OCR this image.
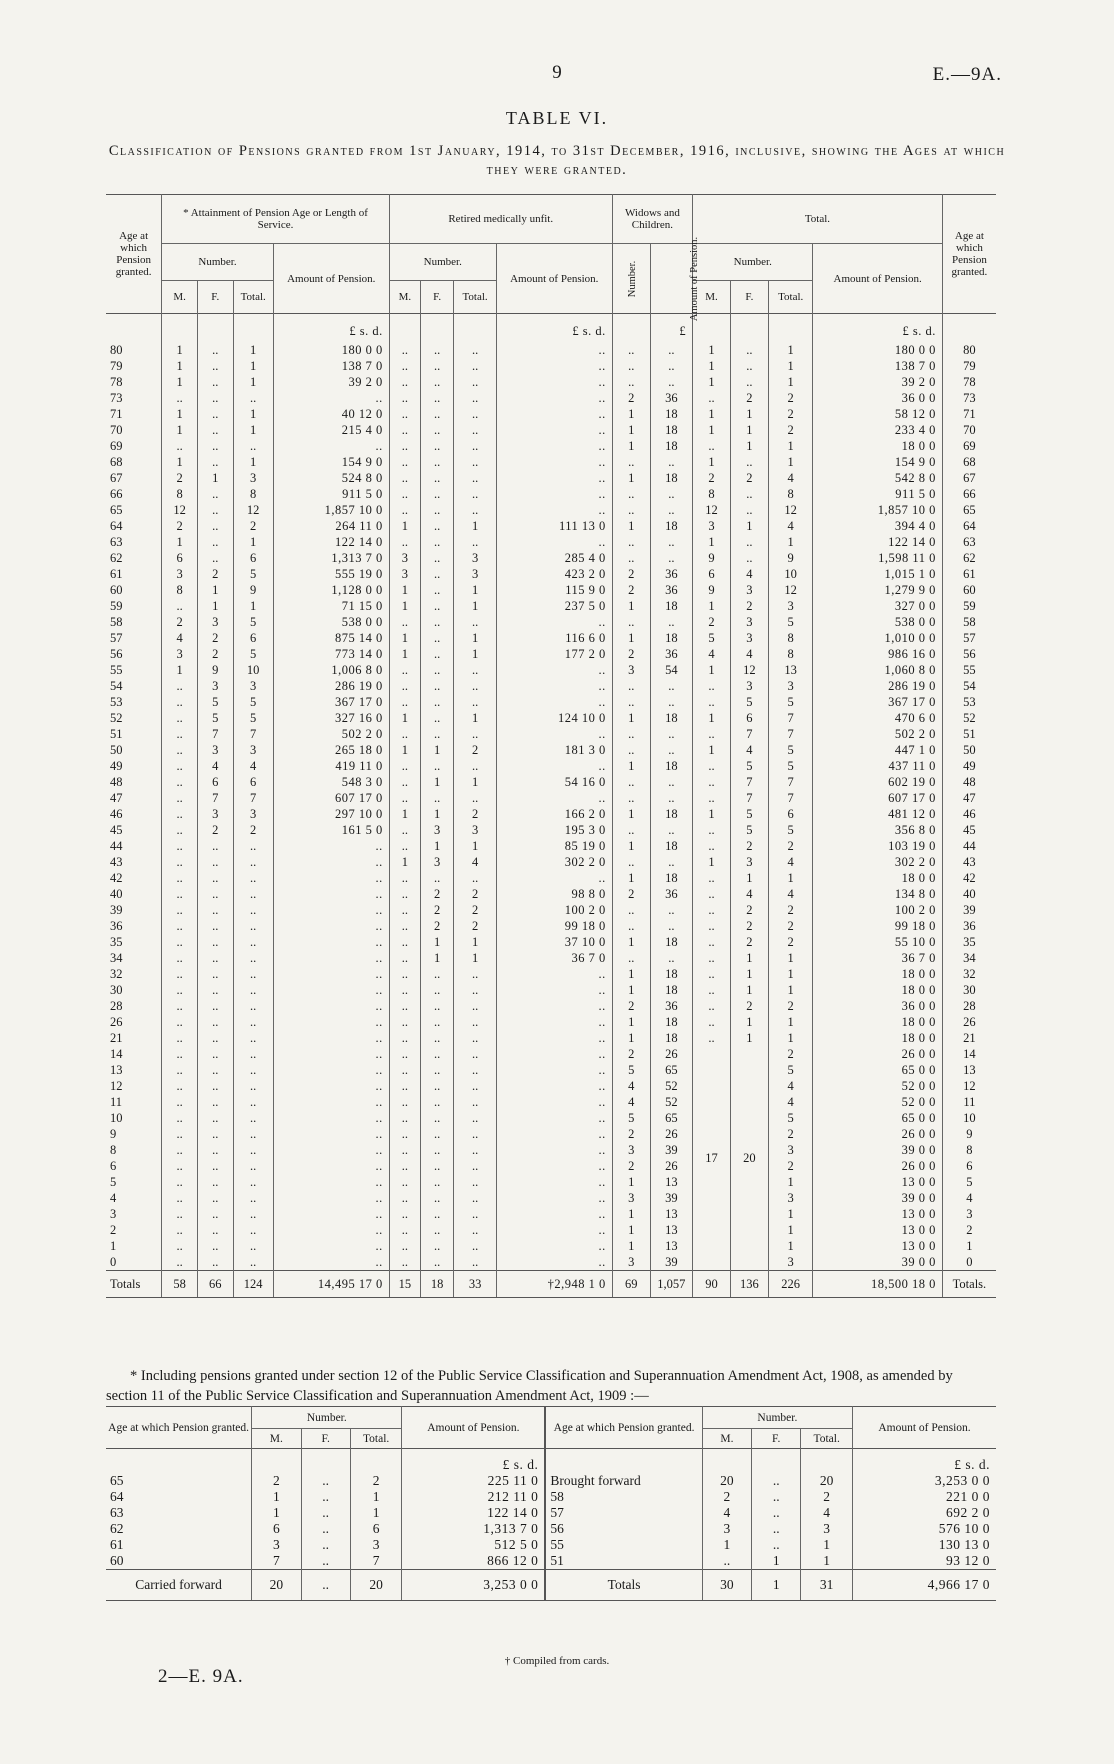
9	E.—9A.
TABLE VI.
Classification of Pensions granted from 1st January, 1914, to 31st December, 1916, inclusive, showing the Ages at which they were granted.
Age at which Pension granted.	* Attainment of Pension Age or Length of Service.				Retired medically unfit.				Widows and Children.		Total.				Age at which Pension granted.
	Number.			Amount of Pension.	Number.			Amount of Pension.	Number.	Amount of Pension.	Number.			Amount of Pension.	
	M.	F.	Total.		M.	F.	Total.				M.	F.	Total.		
				£ s. d.				£ s. d.		£				£ s. d.	
80	1	..	1	180 0 0	..	..	..	..	..	..	1	..	1	180 0 0	80
79	1	..	1	138 7 0	..	..	..	..	..	..	1	..	1	138 7 0	79
78	1	..	1	39 2 0	..	..	..	..	..	..	1	..	1	39 2 0	78
73	..	..	..	..	..	..	..	..	2	36	..	2	2	36 0 0	73
71	1	..	1	40 12 0	..	..	..	..	1	18	1	1	2	58 12 0	71
70	1	..	1	215 4 0	..	..	..	..	1	18	1	1	2	233 4 0	70
69	..	..	..	..	..	..	..	..	1	18	..	1	1	18 0 0	69
68	1	..	1	154 9 0	..	..	..	..	..	..	1	..	1	154 9 0	68
67	2	1	3	524 8 0	..	..	..	..	1	18	2	2	4	542 8 0	67
66	8	..	8	911 5 0	..	..	..	..	..	..	8	..	8	911 5 0	66
65	12	..	12	1,857 10 0	..	..	..	..	..	..	12	..	12	1,857 10 0	65
64	2	..	2	264 11 0	1	..	1	111 13 0	1	18	3	1	4	394 4 0	64
63	1	..	1	122 14 0	..	..	..	..	..	..	1	..	1	122 14 0	63
62	6	..	6	1,313 7 0	3	..	3	285 4 0	..	..	9	..	9	1,598 11 0	62
61	3	2	5	555 19 0	3	..	3	423 2 0	2	36	6	4	10	1,015 1 0	61
60	8	1	9	1,128 0 0	1	..	1	115 9 0	2	36	9	3	12	1,279 9 0	60
59	..	1	1	71 15 0	1	..	1	237 5 0	1	18	1	2	3	327 0 0	59
58	2	3	5	538 0 0	..	..	..	..	..	..	2	3	5	538 0 0	58
57	4	2	6	875 14 0	1	..	1	116 6 0	1	18	5	3	8	1,010 0 0	57
56	3	2	5	773 14 0	1	..	1	177 2 0	2	36	4	4	8	986 16 0	56
55	1	9	10	1,006 8 0	..	..	..	..	3	54	1	12	13	1,060 8 0	55
54	..	3	3	286 19 0	..	..	..	..	..	..	..	3	3	286 19 0	54
53	..	5	5	367 17 0	..	..	..	..	..	..	..	5	5	367 17 0	53
52	..	5	5	327 16 0	1	..	1	124 10 0	1	18	1	6	7	470 6 0	52
51	..	7	7	502 2 0	..	..	..	..	..	..	..	7	7	502 2 0	51
50	..	3	3	265 18 0	1	1	2	181 3 0	..	..	1	4	5	447 1 0	50
49	..	4	4	419 11 0	..	..	..	..	1	18	..	5	5	437 11 0	49
48	..	6	6	548 3 0	..	1	1	54 16 0	..	..	..	7	7	602 19 0	48
47	..	7	7	607 17 0	..	..	..	..	..	..	..	7	7	607 17 0	47
46	..	3	3	297 10 0	1	1	2	166 2 0	1	18	1	5	6	481 12 0	46
45	..	2	2	161 5 0	..	3	3	195 3 0	..	..	..	5	5	356 8 0	45
44	..	..	..	..	..	1	1	85 19 0	1	18	..	2	2	103 19 0	44
43	..	..	..	..	1	3	4	302 2 0	..	..	1	3	4	302 2 0	43
42	..	..	..	..	..	..	..	..	1	18	..	1	1	18 0 0	42
40	..	..	..	..	..	2	2	98 8 0	2	36	..	4	4	134 8 0	40
39	..	..	..	..	..	2	2	100 2 0	..	..	..	2	2	100 2 0	39
36	..	..	..	..	..	2	2	99 18 0	..	..	..	2	2	99 18 0	36
35	..	..	..	..	..	1	1	37 10 0	1	18	..	2	2	55 10 0	35
34	..	..	..	..	..	1	1	36 7 0	..	..	..	1	1	36 7 0	34
32	..	..	..	..	..	..	..	..	1	18	..	1	1	18 0 0	32
30	..	..	..	..	..	..	..	..	1	18	..	1	1	18 0 0	30
28	..	..	..	..	..	..	..	..	2	36	..	2	2	36 0 0	28
26	..	..	..	..	..	..	..	..	1	18	..	1	1	18 0 0	26
21	..	..	..	..	..	..	..	..	1	18	..	1	1	18 0 0	21
14	..	..	..	..	..	..	..	..	2	26	17	20	2	26 0 0	14
13	..	..	..	..	..	..	..	..	5	65			5	65 0 0	13
12	..	..	..	..	..	..	..	..	4	52			4	52 0 0	12
11	..	..	..	..	..	..	..	..	4	52			4	52 0 0	11
10	..	..	..	..	..	..	..	..	5	65			5	65 0 0	10
9	..	..	..	..	..	..	..	..	2	26			2	26 0 0	9
8	..	..	..	..	..	..	..	..	3	39			3	39 0 0	8
6	..	..	..	..	..	..	..	..	2	26			2	26 0 0	6
5	..	..	..	..	..	..	..	..	1	13			1	13 0 0	5
4	..	..	..	..	..	..	..	..	3	39			3	39 0 0	4
3	..	..	..	..	..	..	..	..	1	13			1	13 0 0	3
2	..	..	..	..	..	..	..	..	1	13			1	13 0 0	2
1	..	..	..	..	..	..	..	..	1	13			1	13 0 0	1
0	..	..	..	..	..	..	..	..	3	39			3	39 0 0	0
Totals	58	66	124	14,495 17 0	15	18	33	†2,948 1 0	69	1,057	90	136	226	18,500 18 0	Totals.
* Including pensions granted under section 12 of the Public Service Classification and Superannuation Amendment Act, 1908, as amended by section 11 of the Public Service Classification and Superannuation Amendment Act, 1909 :—
Age at which Pension granted.	Number.			Amount of Pension.	Age at which Pension granted.	Number.			Amount of Pension.
	M.	F.	Total.			M.	F.	Total.	
				£ s. d.					£ s. d.
65	2	..	2	225 11 0	Brought forward	20	..	20	3,253 0 0
64	1	..	1	212 11 0	58	2	..	2	221 0 0
63	1	..	1	122 14 0	57	4	..	4	692 2 0
62	6	..	6	1,313 7 0	56	3	..	3	576 10 0
61	3	..	3	512 5 0	55	1	..	1	130 13 0
60	7	..	7	866 12 0	51	..	1	1	93 12 0
Carried forward	20	..	20	3,253 0 0	Totals	30	1	31	4,966 17 0
† Compiled from cards.
2—E. 9A.
